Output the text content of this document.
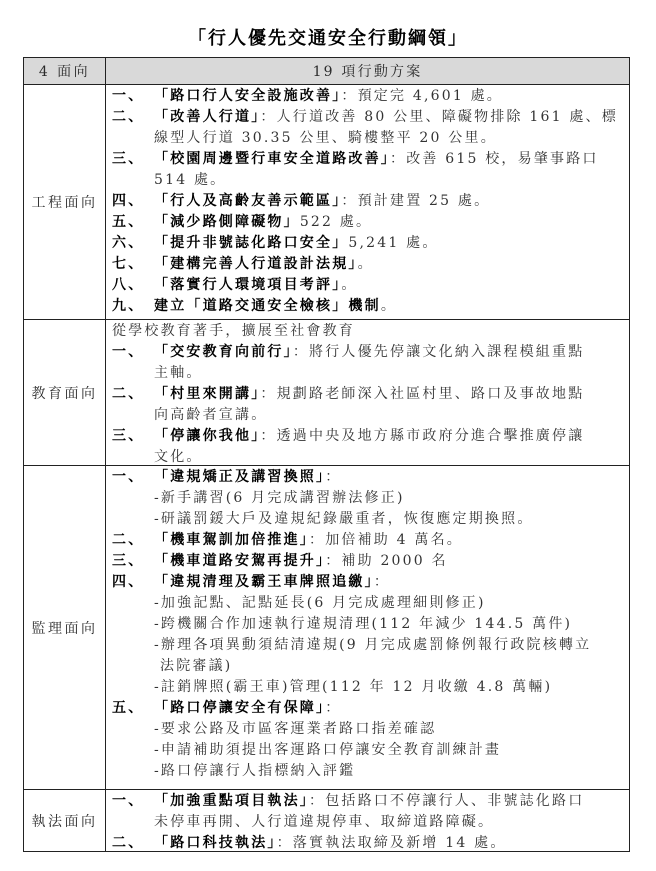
「行人優先交通安全行動綱領」
4 面向	19 項行動方案
工程面向
一、 「路口行人安全設施改善」：預定完 4,601 處。
二、 「改善人行道」：人行道改善 80 公里、障礙物排除 161 處、標
線型人行道 30.35 公里、騎樓整平 20 公里。
三、 「校園周邊暨行車安全道路改善」：改善 615 校，易肇事路口
514 處。
四、 「行人及高齡友善示範區」：預計建置 25 處。
五、 「減少路側障礙物」522 處。
六、 「提升非號誌化路口安全」5,241 處。
七、 「建構完善人行道設計法規」。
八、 「落實行人環境項目考評」。
九、 建立「道路交通安全檢核」機制。
教育面向
從學校教育著手，擴展至社會教育
一、 「交安教育向前行」：將行人優先停讓文化納入課程模組重點
主軸。
二、 「村里來開講」：規劃路老師深入社區村里、路口及事故地點
向高齡者宣講。
三、 「停讓你我他」：透過中央及地方縣市政府分進合擊推廣停讓
文化。
監理面向
一、 「違規矯正及講習換照」：
-新手講習(6 月完成講習辦法修正)
-研議罰鍰大戶及違規紀錄嚴重者，恢復應定期換照。
二、 「機車駕訓加倍推進」：加倍補助 4 萬名。
三、 「機車道路安駕再提升」：補助 2000 名
四、 「違規清理及霸王車牌照追繳」：
-加強記點、記點延長(6 月完成處理細則修正)
-跨機關合作加速執行違規清理(112 年減少 144.5 萬件)
-辦理各項異動須結清違規(9 月完成處罰條例報行政院核轉立
法院審議)
-註銷牌照(霸王車)管理(112 年 12 月收繳 4.8 萬輛)
五、 「路口停讓安全有保障」：
-要求公路及市區客運業者路口指差確認
-申請補助須提出客運路口停讓安全教育訓練計畫
-路口停讓行人指標納入評鑑
執法面向
一、 「加強重點項目執法」：包括路口不停讓行人、非號誌化路口
未停車再開、人行道違規停車、取締道路障礙。
二、 「路口科技執法」：落實執法取締及新增 14 處。
